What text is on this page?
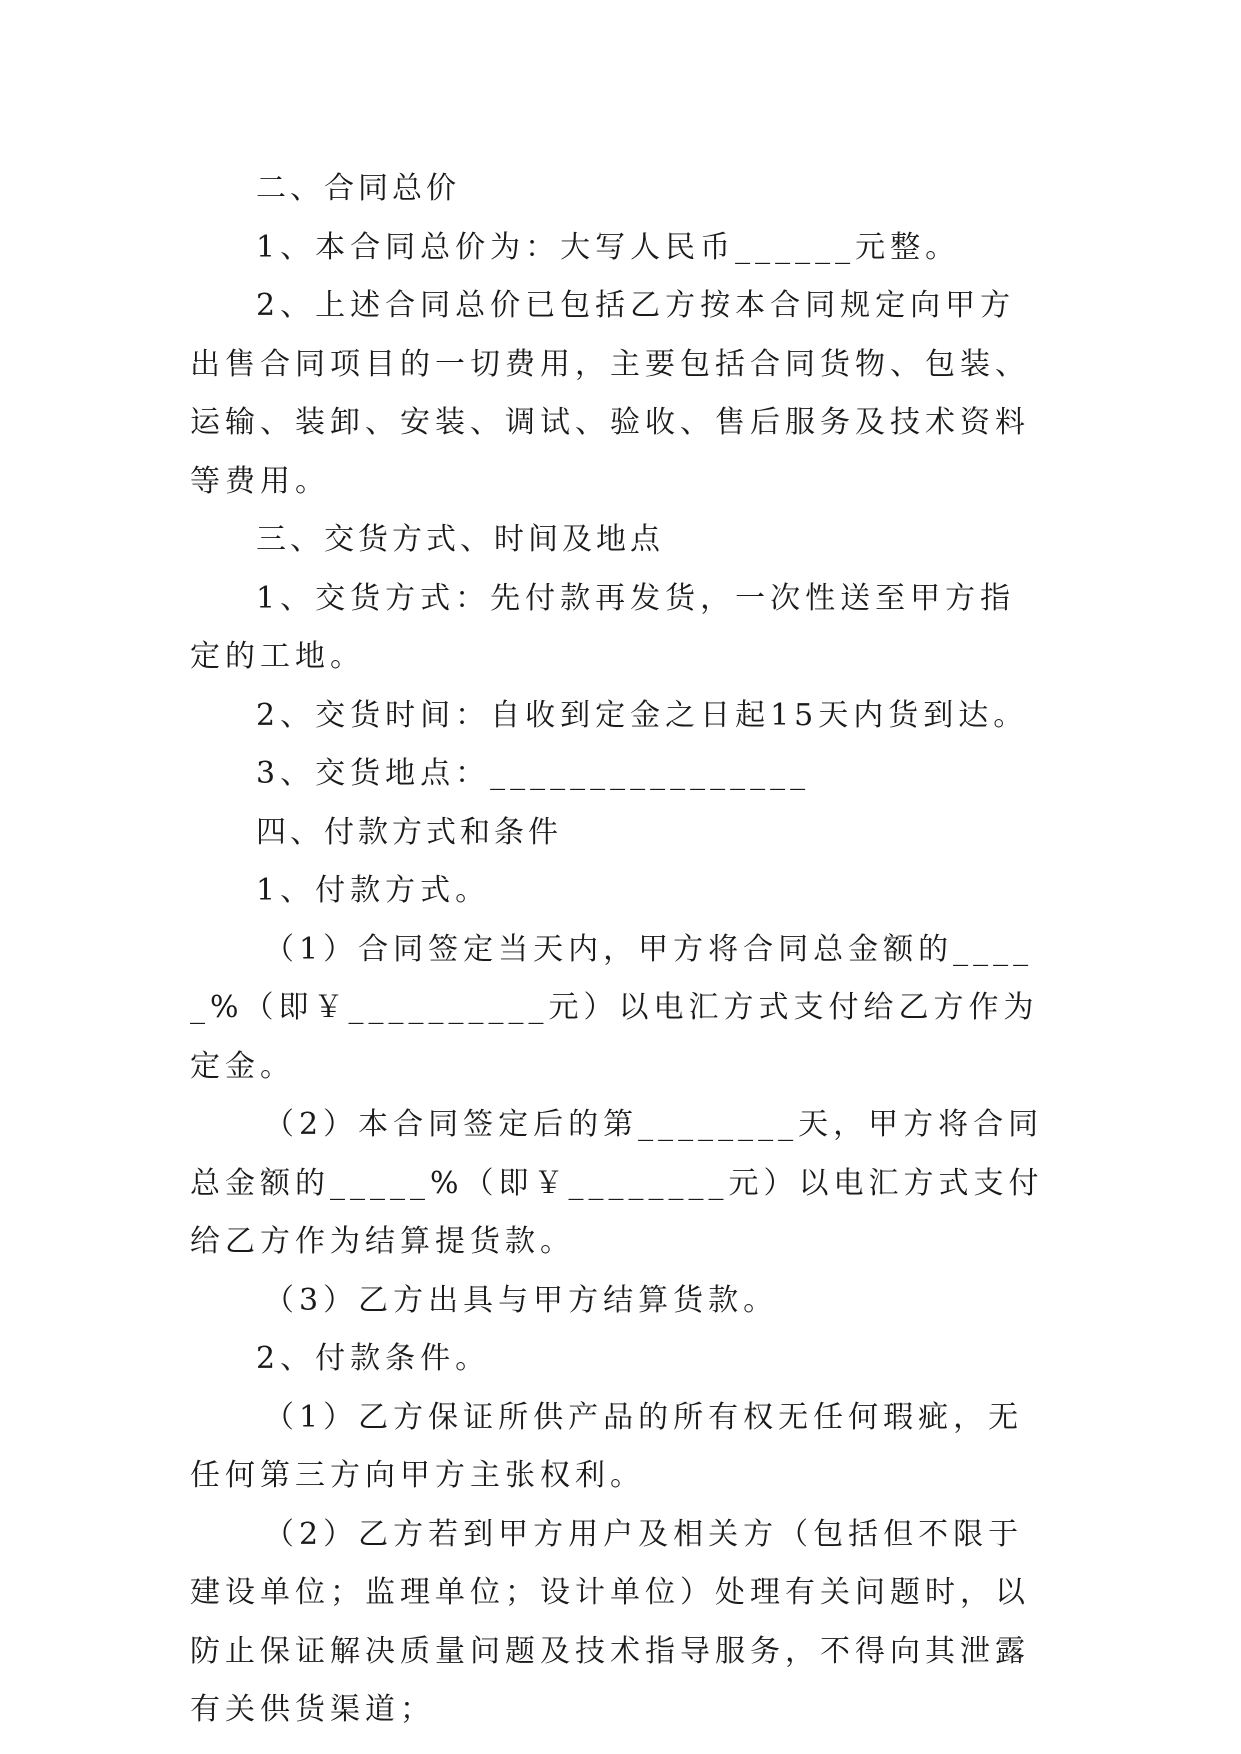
二、合同总价

1、本合同总价为：大写人民币______元整。

2、上述合同总价已包括乙方按本合同规定向甲方出售合同项目的一切费用，主要包括合同货物、包装、运输、装卸、安装、调试、验收、售后服务及技术资料等费用。

三、交货方式、时间及地点

1、交货方式：先付款再发货，一次性送至甲方指定的工地。

2、交货时间：自收到定金之日起15天内货到达。

3、交货地点：________________

四、付款方式和条件

1、付款方式。

（1）合同签定当天内，甲方将合同总金额的_____%（即￥__________元）以电汇方式支付给乙方作为定金。

（2）本合同签定后的第________天，甲方将合同总金额的_____%（即￥________元）以电汇方式支付给乙方作为结算提货款。

（3）乙方出具与甲方结算货款。

2、付款条件。

（1）乙方保证所供产品的所有权无任何瑕疵，无任何第三方向甲方主张权利。

（2）乙方若到甲方用户及相关方（包括但不限于建设单位；监理单位；设计单位）处理有关问题时，以防止保证解决质量问题及技术指导服务，不得向其泄露有关供货渠道；
